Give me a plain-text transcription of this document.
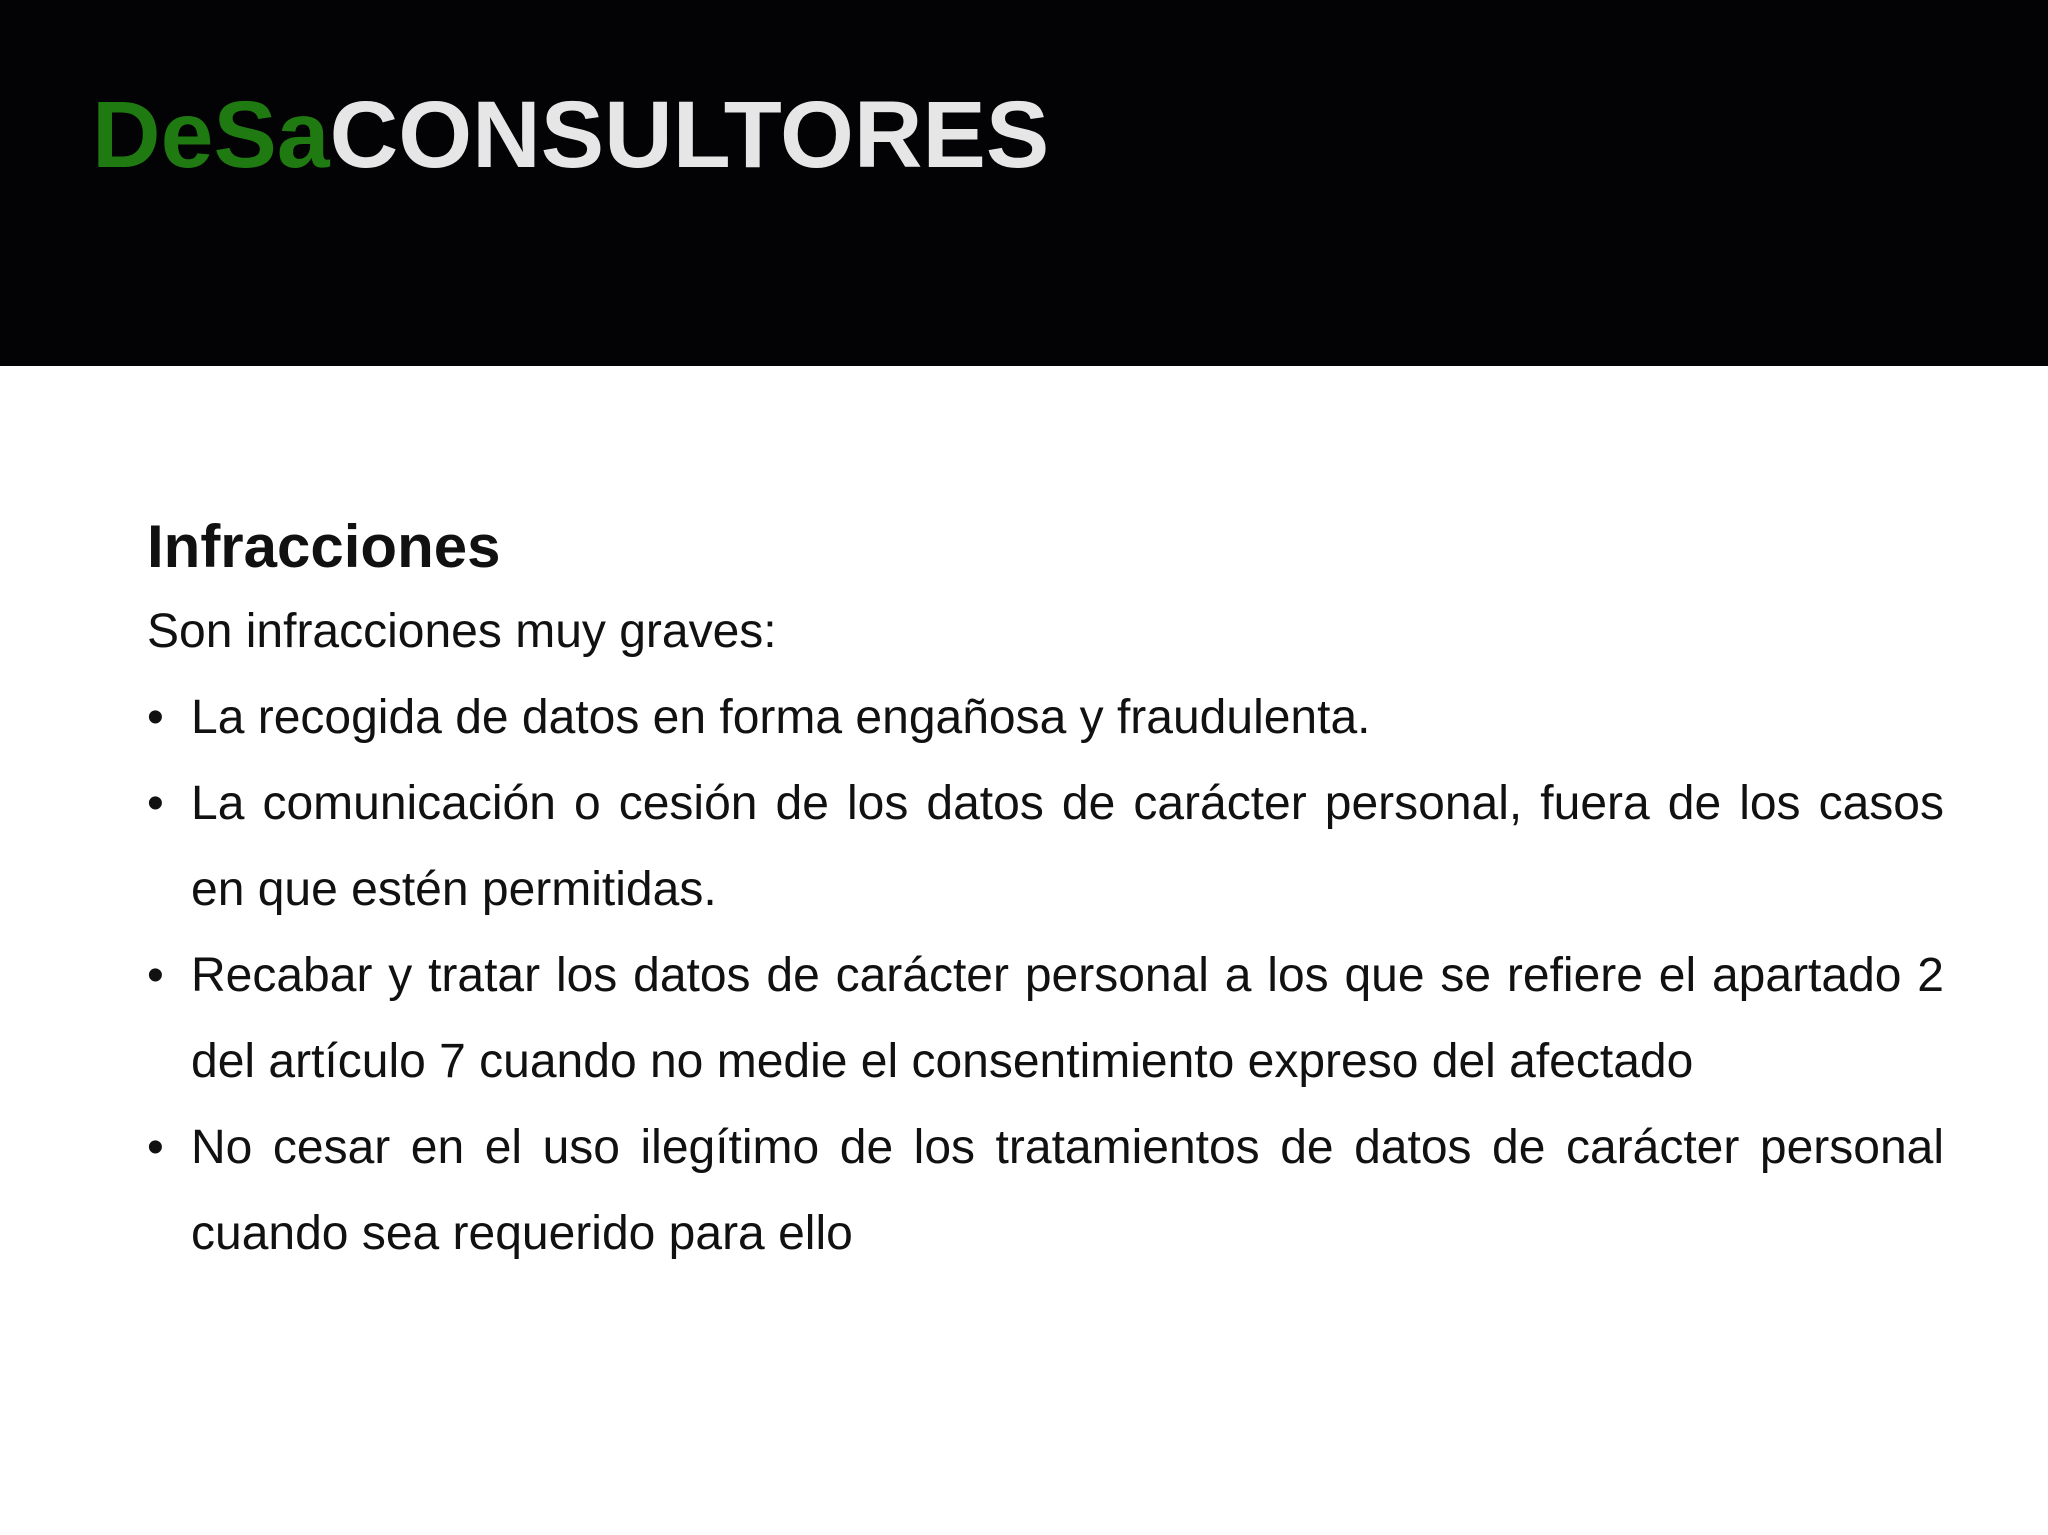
DeSaCONSULTORES

Infracciones

Son infracciones muy graves:

• La recogida de datos en forma engañosa y fraudulenta.
• La comunicación o cesión de los datos de carácter personal, fuera de los casos en que estén permitidas.
• Recabar y tratar los datos de carácter personal a los que se refiere el apartado 2 del artículo 7 cuando no medie el consentimiento expreso del afectado
• No cesar en el uso ilegítimo de los tratamientos de datos de carácter personal cuando sea requerido para ello
